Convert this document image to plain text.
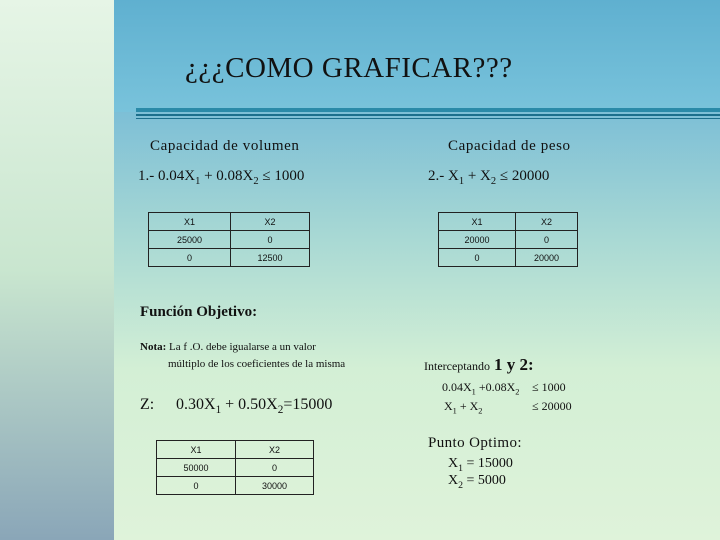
¿¿¿COMO GRAFICAR???
Capacidad de volumen
1.- $0.04X_1 + 0.08X_2 \le 1000$
X1	X2
25000	0
0	12500
Capacidad de peso
2.- $X_1 + X_2 \le 20000$
X1	X2
20000	0
0	20000
Función Objetivo:
Nota: La f .O. debe igualarse a un valor
múltiplo de los coeficientes de la misma
Z: $0.30X_1 + 0.50X_2=15000$
X1	X2
50000	0
0	30000
Interceptando 1 y 2:
$0.04X_1 +0.08X_2 \le 1000$
$X_1 + X_2$	≤ 20000
Punto Optimo:
$X_1 = 15000$
$X_2 = 5000$
